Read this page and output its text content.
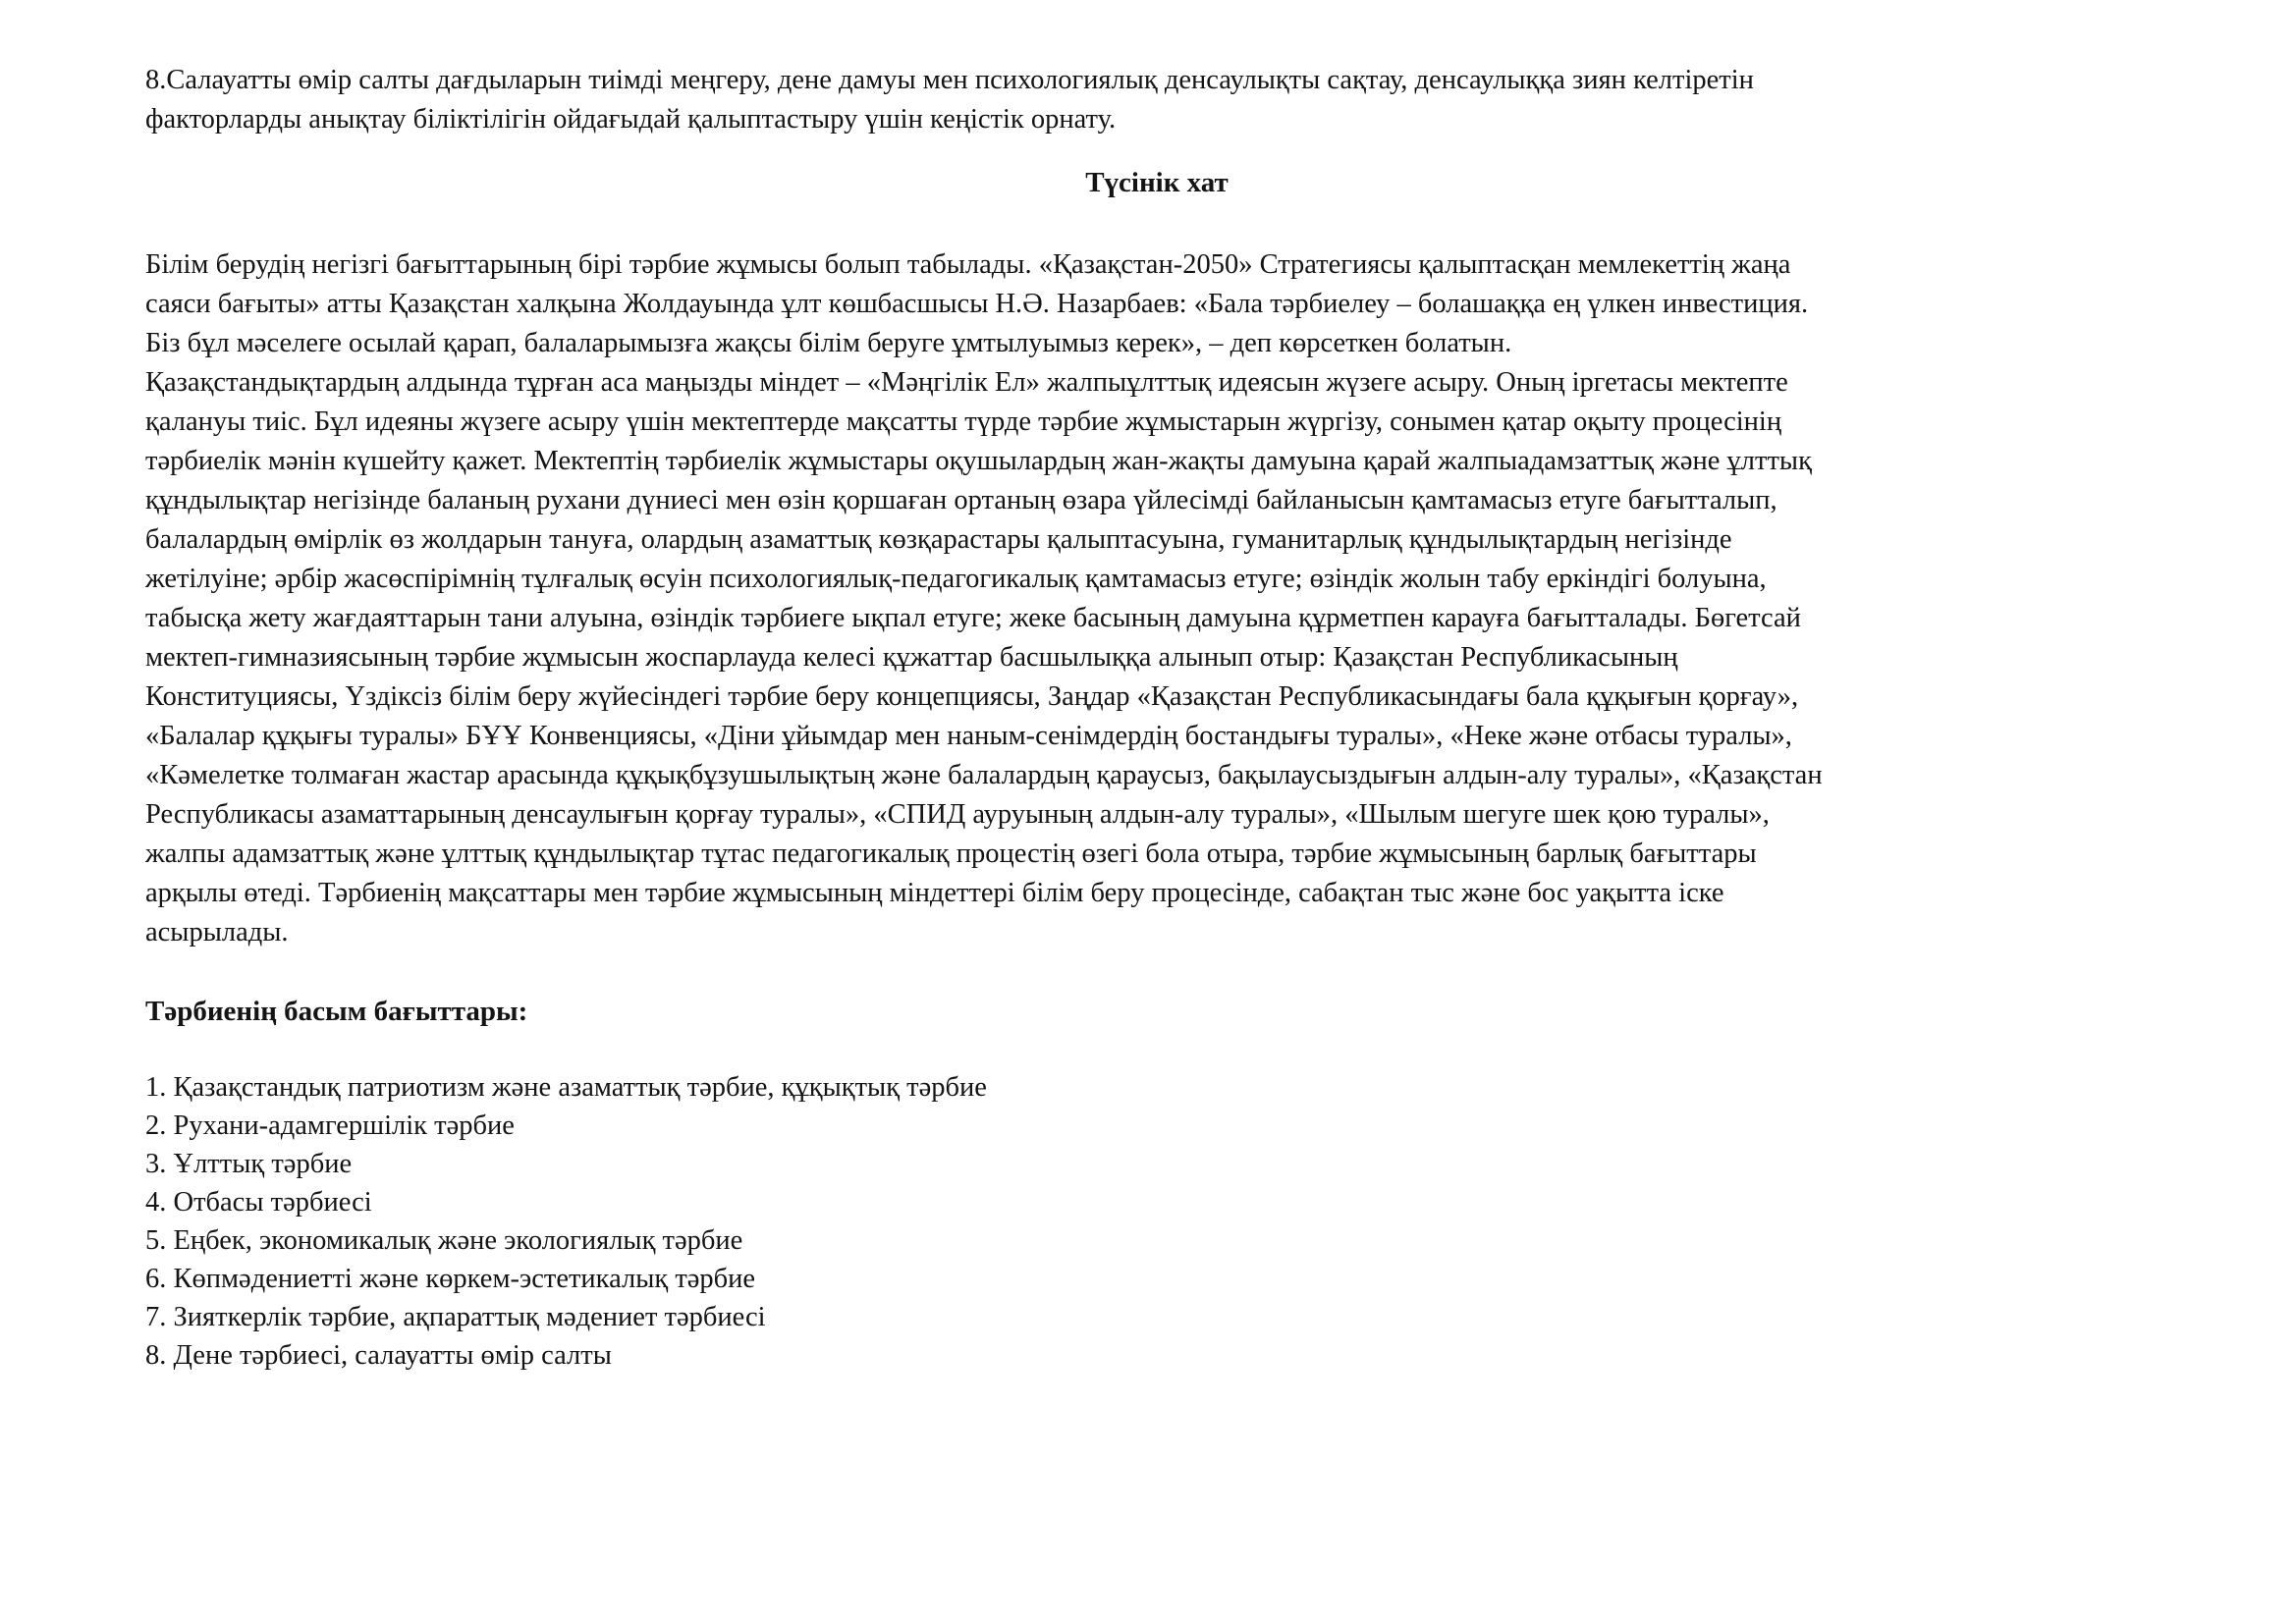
8.Салауатты өмір салты дағдыларын тиімді меңгеру, дене дамуы мен психологиялық денсаулықты сақтау, денсаулыққа зиян келтіретін
факторларды анықтау біліктілігін ойдағыдай қалыптастыру үшін кеңістік орнату.

Түсінік хат

Білім берудің негізгі бағыттарының бірі тәрбие жұмысы болып табылады. «Қазақстан-2050» Стратегиясы қалыптасқан мемлекеттің жаңа
саяси бағыты» атты Қазақстан халқына Жолдауында ұлт көшбасшысы Н.Ә. Назарбаев: «Бала тәрбиелеу – болашаққа ең үлкен инвестиция.
Біз бұл мәселеге осылай қарап, балаларымызға жақсы білім беруге ұмтылуымыз керек», – деп көрсеткен болатын.
Қазақстандықтардың алдында тұрған аса маңызды міндет – «Мәңгілік Ел» жалпыұлттық идеясын жүзеге асыру. Оның іргетасы мектепте
қалануы тиіс. Бұл идеяны жүзеге асыру үшін мектептерде мақсатты түрде тәрбие жұмыстарын жүргізу, сонымен қатар оқыту процесінің
тәрбиелік мәнін күшейту қажет. Мектептің тәрбиелік жұмыстары оқушылардың жан-жақты дамуына қарай жалпыадамзаттық және ұлттық
құндылықтар негізінде баланың рухани дүниесі мен өзін қоршаған ортаның өзара үйлесімді байланысын қамтамасыз етуге бағытталып,
балалардың өмірлік өз жолдарын тануға, олардың азаматтық көзқарастары қалыптасуына, гуманитарлық құндылықтардың негізінде
жетілуіне; әрбір жасөспірімнің тұлғалық өсуін психологиялық-педагогикалық қамтамасыз етуге; өзіндік жолын табу еркіндігі болуына,
табысқа жету жағдаяттарын тани алуына, өзіндік тәрбиеге ықпал етуге; жеке басының дамуына құрметпен карауға бағытталады. Бөгетсай
мектеп-гимназиясының тәрбие жұмысын жоспарлауда келесі құжаттар басшылыққа алынып отыр: Қазақстан Республикасының
Конституциясы, Үздіксіз білім беру жүйесіндегі тәрбие беру концепциясы, Заңдар «Қазақстан Республикасындағы бала құқығын қорғау»,
«Балалар құқығы туралы» БҰҰ Конвенциясы, «Діни ұйымдар мен наным-сенімдердің бостандығы туралы», «Неке және отбасы туралы»,
«Кәмелетке толмаған жастар арасында құқықбұзушылықтың және балалардың қараусыз, бақылаусыздығын алдын-алу туралы», «Қазақстан
Республикасы азаматтарының денсаулығын қорғау туралы», «СПИД ауруының алдын-алу туралы», «Шылым шегуге шек қою туралы»,
жалпы адамзаттық және ұлттық құндылықтар тұтас педагогикалық процестің өзегі бола отыра, тәрбие жұмысының барлық бағыттары
арқылы өтеді. Тәрбиенің мақсаттары мен тәрбие жұмысының міндеттері білім беру процесінде, сабақтан тыс және бос уақытта іске
асырылады.

Тәрбиенің басым бағыттары:
1. Қазақстандық патриотизм және азаматтық тәрбие, құқықтық тәрбие
2. Рухани-адамгершілік тәрбие
3. Ұлттық тәрбие
4. Отбасы тәрбиесі
5. Еңбек, экономикалық және экологиялық тәрбие
6. Көпмәдениетті және көркем-эстетикалық тәрбие
7. Зияткерлік тәрбие, ақпараттық мәдениет тәрбиесі
8. Дене тәрбиесі, салауатты өмір салты
